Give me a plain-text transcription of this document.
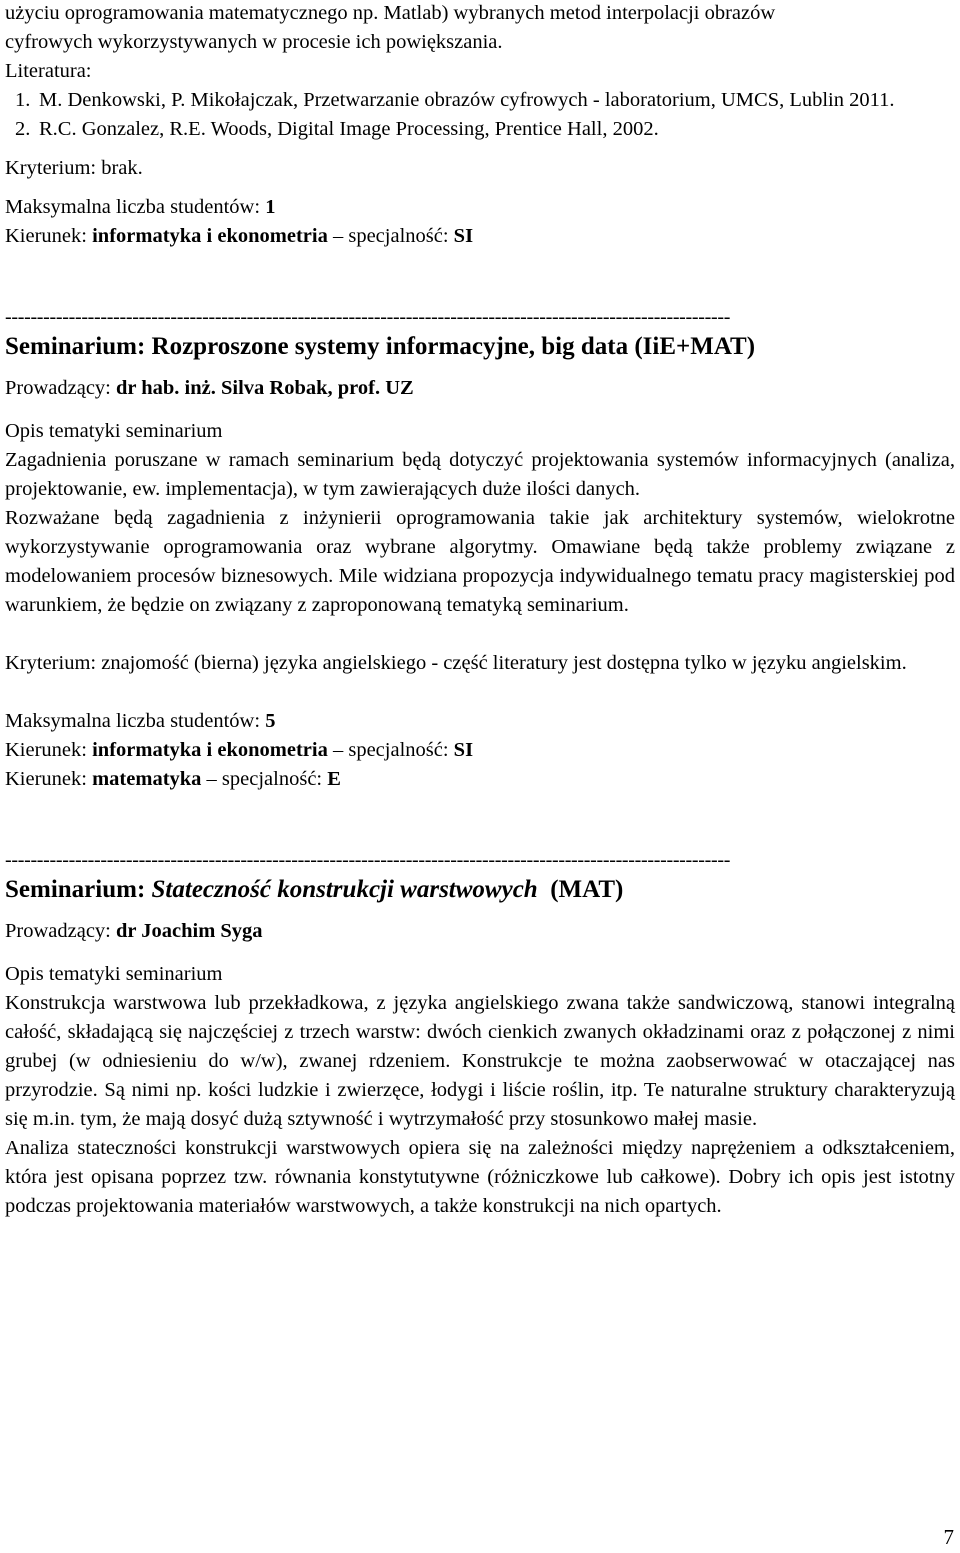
użyciu oprogramowania matematycznego np. Matlab) wybranych metod interpolacji obrazów

cyfrowych wykorzystywanych w procesie ich powiększania.

Literatura:

1. M. Denkowski, P. Mikołajczak, Przetwarzanie obrazów cyfrowych - laboratorium, UMCS, Lublin 2011.
2. R.C. Gonzalez, R.E. Woods, Digital Image Processing, Prentice Hall, 2002.

Kryterium: brak.

Maksymalna liczba studentów: 1

Kierunek: informatyka i ekonometria – specjalność: SI

------------------------------------------------------------------------------------------------------------------

Seminarium: Rozproszone systemy informacyjne, big data (IiE+MAT)

Prowadzący: dr hab. inż. Silva Robak, prof. UZ

Opis tematyki seminarium

Zagadnienia poruszane w ramach seminarium będą dotyczyć projektowania systemów informacyjnych (analiza, projektowanie, ew. implementacja), w tym zawierających duże ilości danych.

Rozważane będą zagadnienia z inżynierii oprogramowania takie jak architektury systemów, wielokrotne wykorzystywanie oprogramowania oraz wybrane algorytmy. Omawiane będą także problemy związane z modelowaniem procesów biznesowych. Mile widziana propozycja indywidualnego tematu pracy magisterskiej pod warunkiem, że będzie on związany z zaproponowaną tematyką seminarium.

Kryterium: znajomość (bierna) języka angielskiego - część literatury jest dostępna tylko w języku angielskim.

Maksymalna liczba studentów: 5

Kierunek: informatyka i ekonometria – specjalność: SI

Kierunek: matematyka – specjalność: E

------------------------------------------------------------------------------------------------------------------

Seminarium: Stateczność konstrukcji warstwowych  (MAT)

Prowadzący: dr Joachim Syga

Opis tematyki seminarium

Konstrukcja warstwowa lub przekładkowa, z języka angielskiego zwana także sandwiczową, stanowi integralną całość, składającą się najczęściej z trzech warstw: dwóch cienkich zwanych okładzinami oraz z połączonej z nimi grubej (w odniesieniu do w/w), zwanej rdzeniem. Konstrukcje te można zaobserwować w otaczającej nas przyrodzie. Są nimi np. kości ludzkie i zwierzęce, łodygi i liście roślin, itp. Te naturalne struktury charakteryzują się m.in. tym, że mają dosyć dużą sztywność i wytrzymałość przy stosunkowo małej masie.

Analiza stateczności konstrukcji warstwowych opiera się na zależności między naprężeniem a odkształceniem, która jest opisana poprzez tzw. równania konstytutywne (różniczkowe lub całkowe). Dobry ich opis jest istotny podczas projektowania materiałów warstwowych, a także konstrukcji na nich opartych.

7
